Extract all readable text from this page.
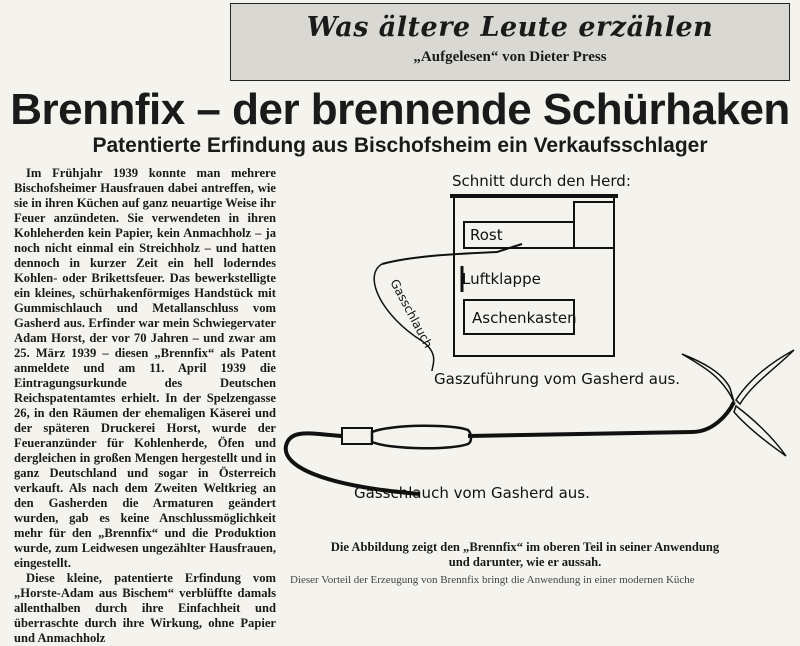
Was ältere Leute erzählen
„Aufgelesen“ von Dieter Press
Brennfix – der brennende Schürhaken
Patentierte Erfindung aus Bischofsheim ein Verkaufsschlager

Im Frühjahr 1939 konnte man mehrere Bischofsheimer Hausfrauen dabei antreffen, wie sie in ihren Küchen auf ganz neuartige Weise ihr Feuer anzündeten. Sie verwendeten in ihren Kohleherden kein Papier, kein Anmachholz – ja noch nicht einmal ein Streichholz – und hatten dennoch in kurzer Zeit ein hell loderndes Kohlen- oder Brikettsfeuer. Das bewerkstelligte ein kleines, schürhakenförmiges Handstück mit Gummischlauch und Metallanschluss vom Gasherd aus. Erfinder war mein Schwiegervater Adam Horst, der vor 70 Jahren – und zwar am 25. März 1939 – diesen „Brennfix“ als Patent anmeldete und am 11. April 1939 die Eintragungsurkunde des Deutschen Reichspatentamtes erhielt. In der Spelzengasse 26, in den Räumen der ehemaligen Käserei und der späteren Druckerei Horst, wurde der Feueranzünder für Kohlenherde, Öfen und dergleichen in großen Mengen hergestellt und in ganz Deutschland und sogar in Österreich verkauft. Als nach dem Zweiten Weltkrieg an den Gasherden die Armaturen geändert wurden, gab es keine Anschlussmöglichkeit mehr für den „Brennfix“ und die Produktion wurde, zum Leidwesen ungezählter Hausfrauen, eingestellt.

Diese kleine, patentierte Erfindung vom „Horste-Adam aus Bischem“ verblüffte damals allenthalben durch ihre Einfachheit und überraschte durch ihre Wirkung, ohne Papier und Anmachholz

Schnitt durch den Herd:
Rost
Luftklappe
Aschenkasten
Gasschlauch
Gaszuführung vom Gasherd aus.
Gasschlauch vom Gasherd aus.
Die Abbildung zeigt den „Brennfix“ im oberen Teil in seiner Anwendung
und darunter, wie er aussah.
Dieser Vorteil der Erzeugung von Brennfix bringt die Anwendung in einer modernen Küche
